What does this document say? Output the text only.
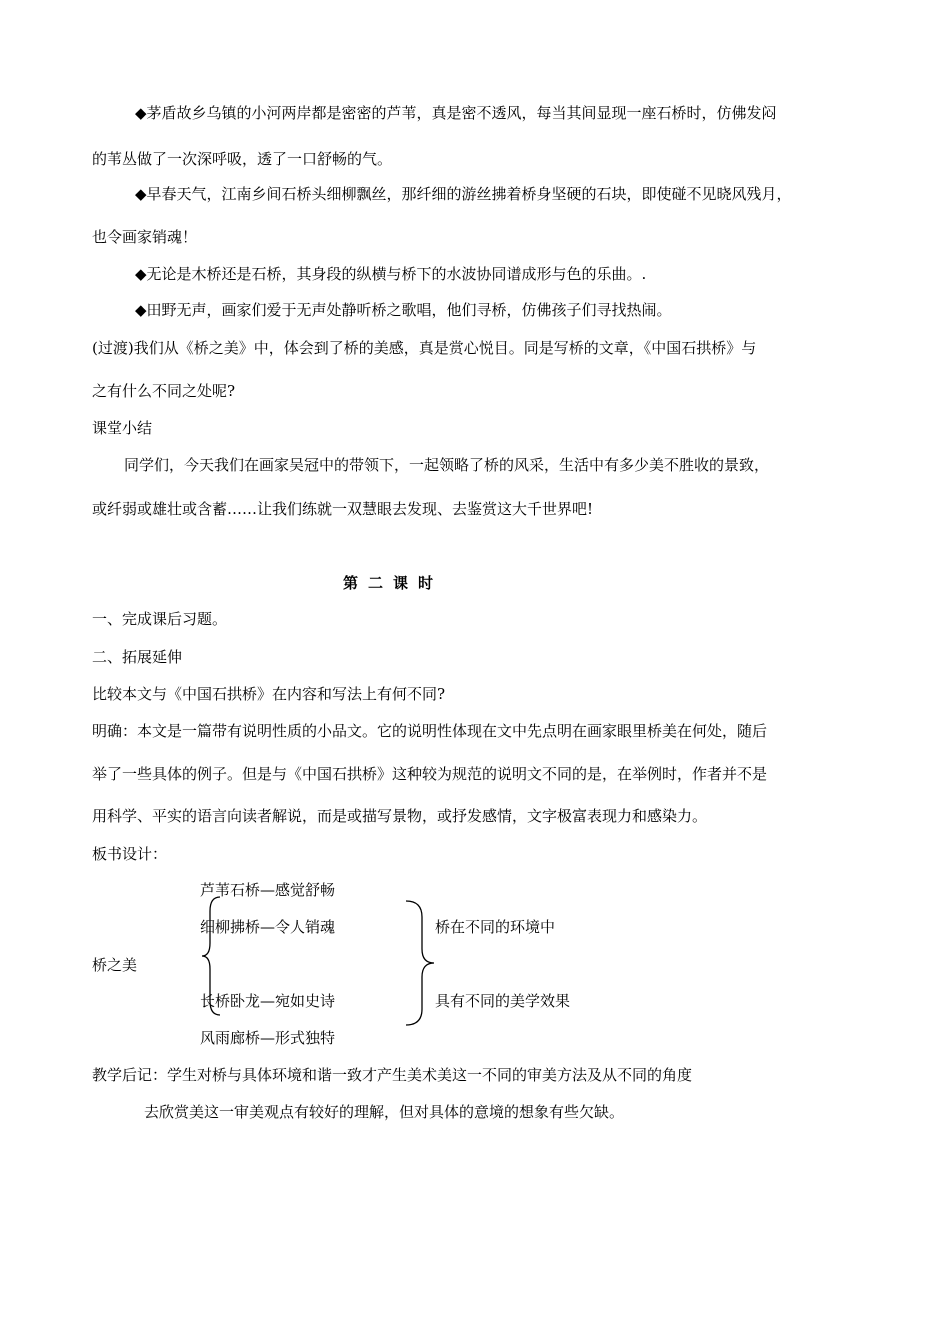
◆茅盾故乡乌镇的小河两岸都是密密的芦苇，真是密不透风，每当其间显现一座石桥时，仿佛发闷
的苇丛做了一次深呼吸，透了一口舒畅的气。
◆早春天气，江南乡间石桥头细柳飘丝，那纤细的游丝拂着桥身坚硬的石块，即使碰不见晓风残月，
也令画家销魂！
◆无论是木桥还是石桥，其身段的纵横与桥下的水波协同谱成形与色的乐曲。.
◆田野无声，画家们爱于无声处静听桥之歌唱，他们寻桥，仿佛孩子们寻找热闹。
(过渡)我们从《桥之美》中，体会到了桥的美感，真是赏心悦目。同是写桥的文章，《中国石拱桥》与
之有什么不同之处呢?
课堂小结
同学们，今天我们在画家吴冠中的带领下，一起领略了桥的风采，生活中有多少美不胜收的景致，
或纤弱或雄壮或含蓄……让我们练就一双慧眼去发现、去鉴赏这大千世界吧!
第二课时
一、完成课后习题。
二、拓展延伸
比较本文与《中国石拱桥》在内容和写法上有何不同?
明确：本文是一篇带有说明性质的小品文。它的说明性体现在文中先点明在画家眼里桥美在何处，随后
举了一些具体的例子。但是与《中国石拱桥》这种较为规范的说明文不同的是，在举例时，作者并不是
用科学、平实的语言向读者解说，而是或描写景物，或抒发感情，文字极富表现力和感染力。
板书设计：
桥之美
芦苇石桥—感觉舒畅
细柳拂桥—令人销魂
长桥卧龙—宛如史诗
风雨廊桥—形式独特
桥在不同的环境中
具有不同的美学效果
教学后记：学生对桥与具体环境和谐一致才产生美术美这一不同的审美方法及从不同的角度
去欣赏美这一审美观点有较好的理解，但对具体的意境的想象有些欠缺。
